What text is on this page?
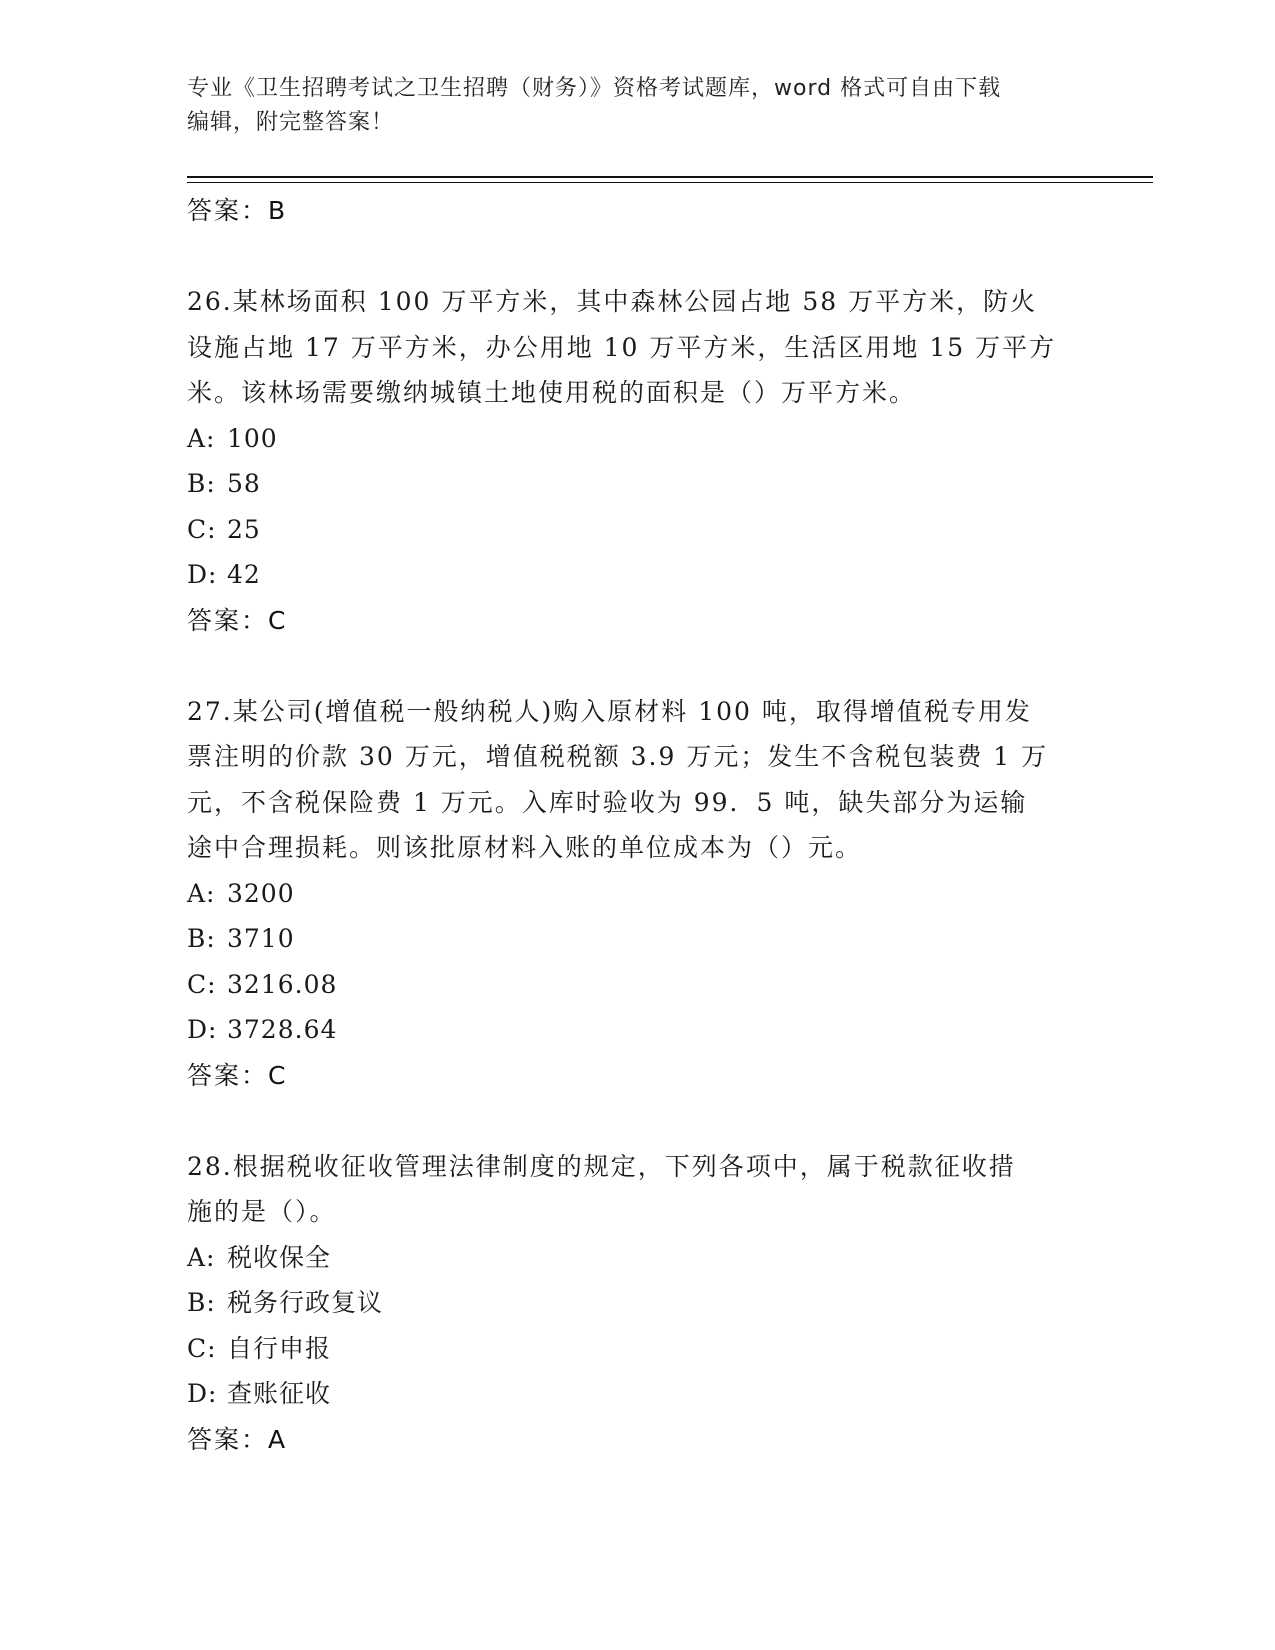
专业《卫生招聘考试之卫生招聘（财务）》资格考试题库，word 格式可自由下载
编辑，附完整答案！
答案：B
26.某林场面积 100 万平方米，其中森林公园占地 58 万平方米，防火
设施占地 17 万平方米，办公用地 10 万平方米，生活区用地 15 万平方
米。该林场需要缴纳城镇土地使用税的面积是（）万平方米。
A: 100
B: 58
C: 25
D: 42
答案：C
27.某公司(增值税一般纳税人)购入原材料 100 吨，取得增值税专用发
票注明的价款 30 万元，增值税税额 3.9 万元；发生不含税包装费 1 万
元，不含税保险费 1 万元。入库时验收为 99．5 吨，缺失部分为运输
途中合理损耗。则该批原材料入账的单位成本为（）元。
A: 3200
B: 3710
C: 3216.08
D: 3728.64
答案：C
28.根据税收征收管理法律制度的规定，下列各项中，属于税款征收措
施的是（）。
A: 税收保全
B: 税务行政复议
C: 自行申报
D: 查账征收
答案：A
